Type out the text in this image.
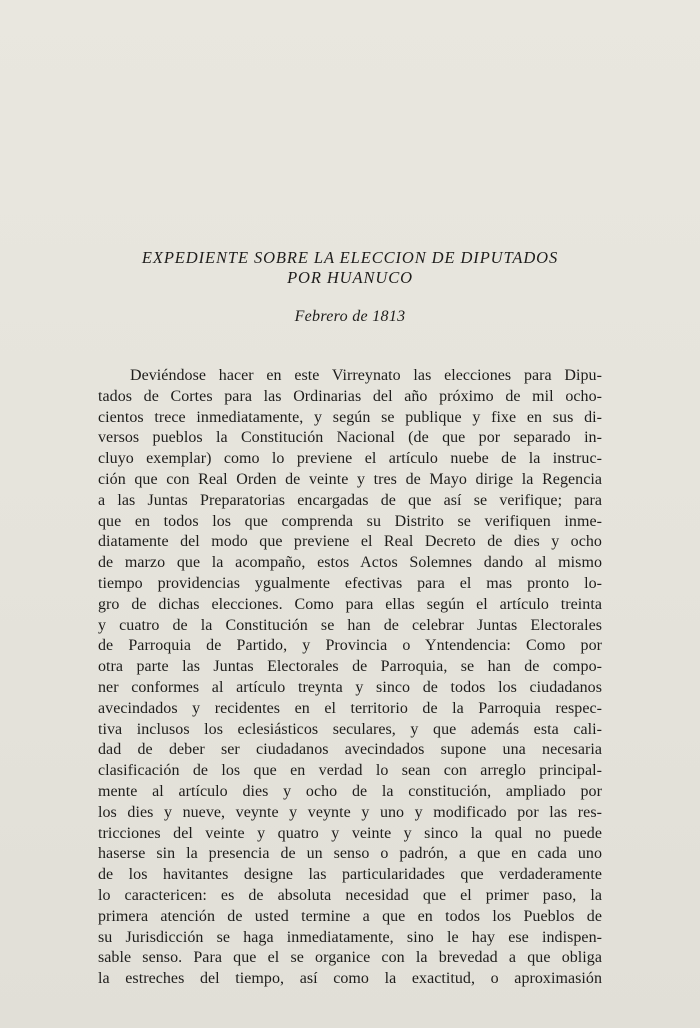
EXPEDIENTE SOBRE LA ELECCION DE DIPUTADOS
POR HUANUCO
Febrero de 1813
Deviéndose hacer en este Virreynato las elecciones para Dipu-
tados de Cortes para las Ordinarias del año próximo de mil ocho-
cientos trece inmediatamente, y según se publique y fixe en sus di-
versos pueblos la Constitución Nacional (de que por separado in-
cluyo exemplar) como lo previene el artículo nuebe de la instruc-
ción que con Real Orden de veinte y tres de Mayo dirige la Regencia
a las Juntas Preparatorias encargadas de que así se verifique; para
que en todos los que comprenda su Distrito se verifiquen inme-
diatamente del modo que previene el Real Decreto de dies y ocho
de marzo que la acompaño, estos Actos Solemnes dando al mismo
tiempo providencias ygualmente efectivas para el mas pronto lo-
gro de dichas elecciones. Como para ellas según el artículo treinta
y cuatro de la Constitución se han de celebrar Juntas Electorales
de Parroquia de Partido, y Provincia o Yntendencia: Como por
otra parte las Juntas Electorales de Parroquia, se han de compo-
ner conformes al artículo treynta y sinco de todos los ciudadanos
avecindados y recidentes en el territorio de la Parroquia respec-
tiva inclusos los eclesiásticos seculares, y que además esta cali-
dad de deber ser ciudadanos avecindados supone una necesaria
clasificación de los que en verdad lo sean con arreglo principal-
mente al artículo dies y ocho de la constitución, ampliado por
los dies y nueve, veynte y veynte y uno y modificado por las res-
tricciones del veinte y quatro y veinte y sinco la qual no puede
haserse sin la presencia de un senso o padrón, a que en cada uno
de los havitantes designe las particularidades que verdaderamente
lo caractericen: es de absoluta necesidad que el primer paso, la
primera atención de usted termine a que en todos los Pueblos de
su Jurisdicción se haga inmediatamente, sino le hay ese indispen-
sable senso. Para que el se organice con la brevedad a que obliga
la estreches del tiempo, así como la exactitud, o aproximasión
